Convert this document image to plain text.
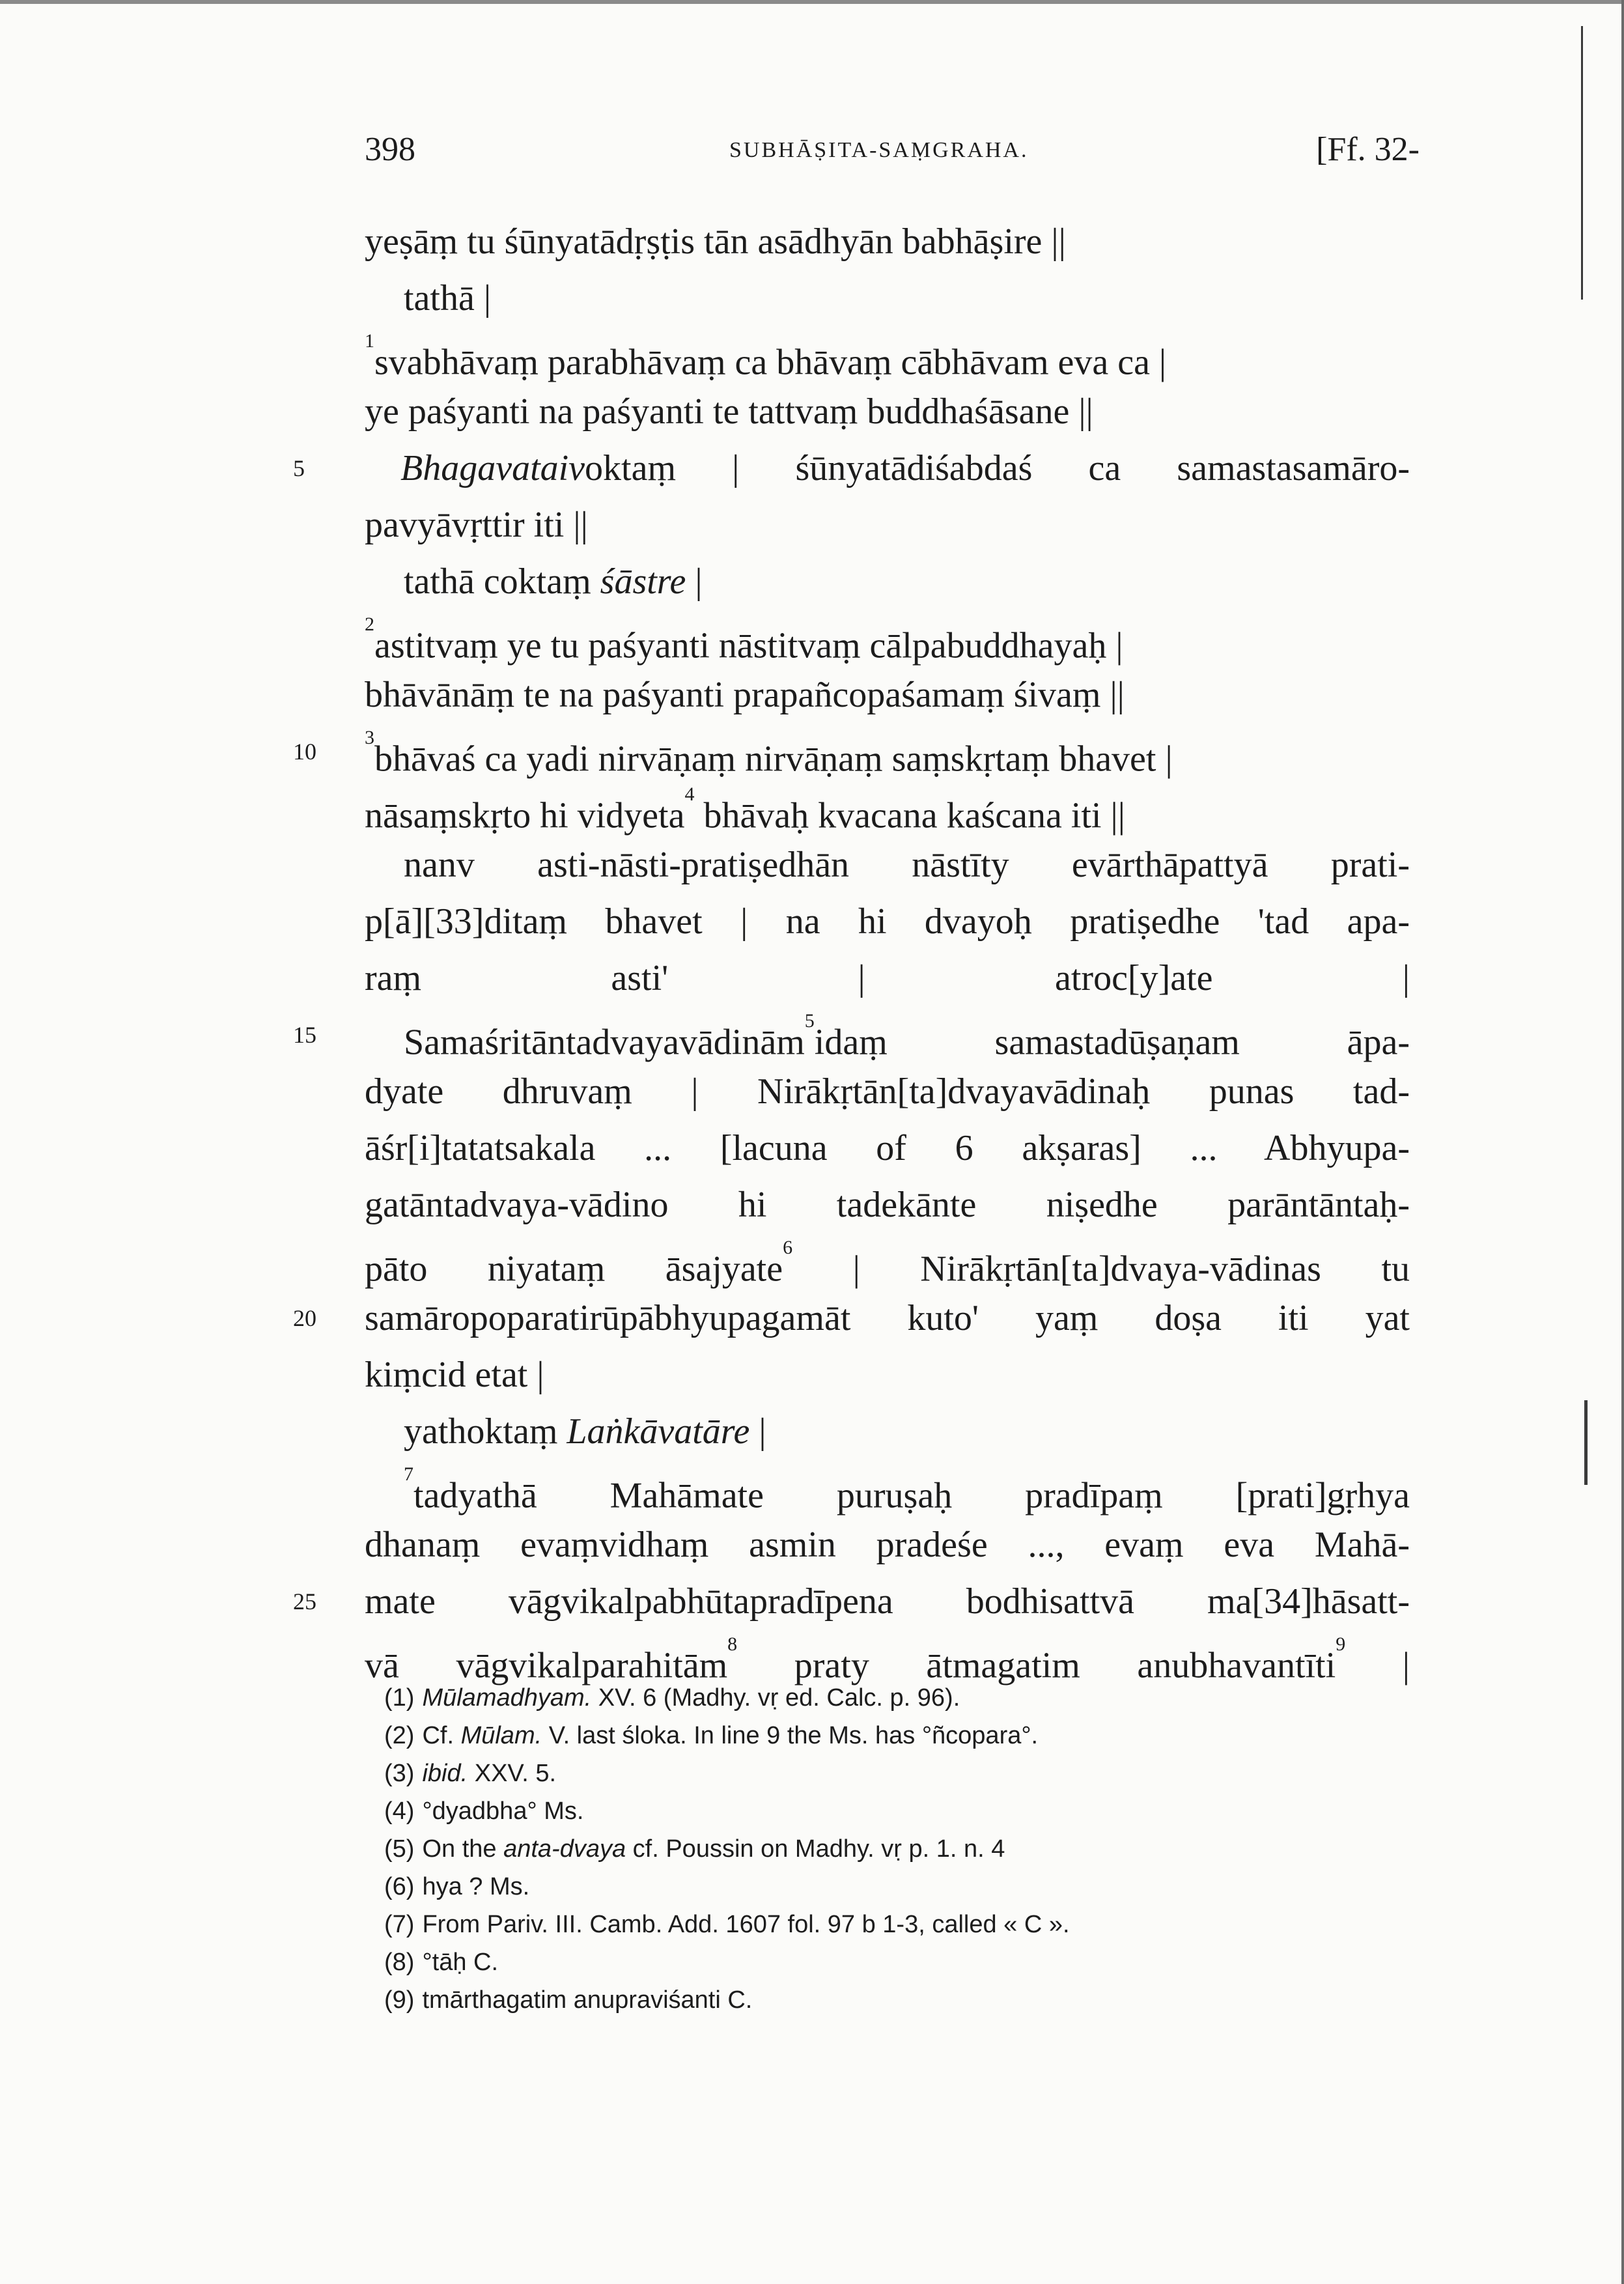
398	SUBHĀṢITA-SAṂGRAHA.	[Ff. 32-
yeṣāṃ tu śūnyatādṛṣṭis tān asādhyān babhāṣire ||
tathā |
$^1$svabhāvaṃ parabhāvaṃ ca bhāvaṃ cābhāvam eva ca |
ye paśyanti na paśyanti te tattvaṃ buddhaśāsane ||
5	Bhagavataivoktaṃ | śūnyatādiśabdaś ca samastasamāro-
pavyāvṛttir iti ||
tathā coktaṃ śāstre |
$^2$astitvaṃ ye tu paśyanti nāstitvaṃ cālpabuddhayaḥ |
bhāvānāṃ te na paśyanti prapañcopaśamaṃ śivaṃ ||
10
$^3$bhāvaś ca yadi nirvāṇaṃ nirvāṇaṃ saṃskṛtaṃ bhavet |
nāsaṃskṛto hi vidyeta$^4$ bhāvaḥ kvacana kaścana iti ||
nanv asti-nāsti-pratiṣedhān nāstīty evārthāpattyā prati-
p[ā][33]ditaṃ bhavet | na hi dvayoḥ pratiṣedhe 'tad apa-
raṃ asti' | atroc[y]ate |
15	Samaśritāntadvayavādinām$^5$idaṃ samastadūṣaṇam āpa-
dyate dhruvaṃ | Nirākṛtān[ta]dvayavādinaḥ punas tad-
āśr[i]tatatsakala ... [lacuna of 6 akṣaras] ... Abhyupa-
gatāntadvaya-vādino hi tadekānte niṣedhe parāntāntaḥ-
pāto niyataṃ āsajyate$^6$ | Nirākṛtān[ta]dvaya-vādinas tu
20	samāropoparatirūpābhyupagamāt kuto' yaṃ doṣa iti yat
kiṃcid etat |
yathoktaṃ Laṅkāvatāre |
$^7$tadyathā Mahāmate puruṣaḥ pradīpaṃ [prati]gṛhya
dhanaṃ evaṃvidhaṃ asmin pradeśe ..., evaṃ eva Mahā-
25	mate vāgvikalpabhūtapradīpena bodhisattvā ma[34]hāsatt-
vā vāgvikalparahitām$^8$ praty ātmagatim anubhavantīti$^9$ |
(1) Mūlamadhyam. XV. 6 (Madhy. vṛ ed. Calc. p. 96).
(2) Cf. Mūlam. V. last śloka. In line 9 the Ms. has °ñcopara°.
(3) ibid. XXV. 5.
(4) °dyadbha° Ms.
(5) On the anta-dvaya cf. Poussin on Madhy. vṛ p. 1. n. 4
(6) hya ? Ms.
(7) From Pariv. III. Camb. Add. 1607 fol. 97 b 1-3, called « C ».
(8) °tāḥ C.
(9) tmārthagatim anupraviśanti C.
